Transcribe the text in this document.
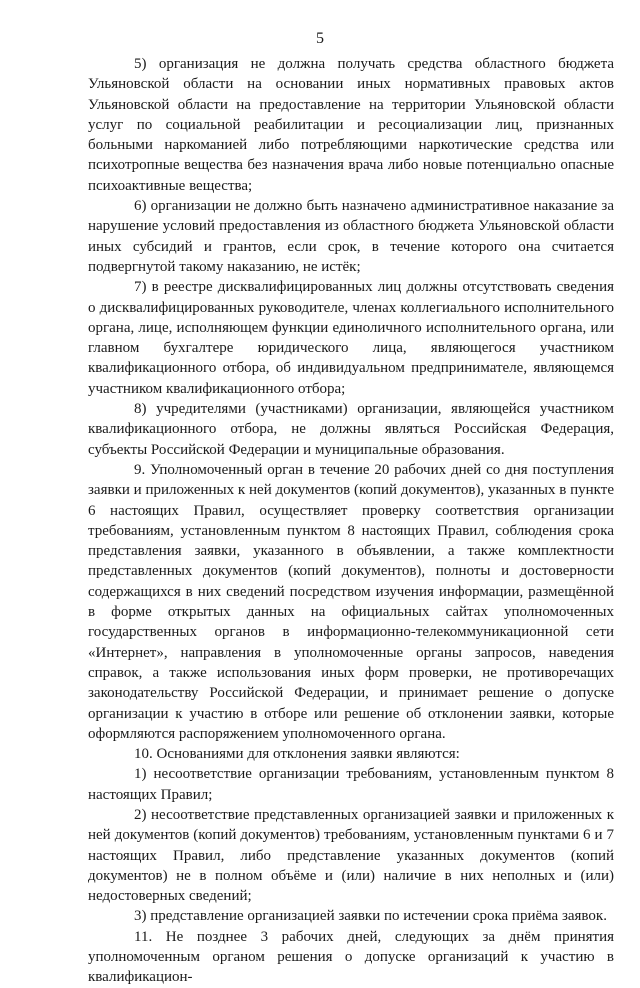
5

5) организация не должна получать средства областного бюджета Ульяновской области на основании иных нормативных правовых актов Ульяновской области на предоставление на территории Ульяновской области услуг по социальной реабилитации и ресоциализации лиц, признанных больными наркоманией либо потребляющими наркотические средства или психотропные вещества без назначения врача либо новые потенциально опасные психоактивные вещества;

6) организации не должно быть назначено административное наказание за нарушение условий предоставления из областного бюджета Ульяновской области иных субсидий и грантов, если срок, в течение которого она считается подвергнутой такому наказанию, не истёк;

7) в реестре дисквалифицированных лиц должны отсутствовать сведения о дисквалифицированных руководителе, членах коллегиального исполнительного органа, лице, исполняющем функции единоличного исполнительного органа, или главном бухгалтере юридического лица, являющегося участником квалификационного отбора, об индивидуальном предпринимателе, являющемся участником квалификационного отбора;

8) учредителями (участниками) организации, являющейся участником квалификационного отбора, не должны являться Российская Федерация, субъекты Российской Федерации и муниципальные образования.

9. Уполномоченный орган в течение 20 рабочих дней со дня поступления заявки и приложенных к ней документов (копий документов), указанных в пункте 6 настоящих Правил, осуществляет проверку соответствия организации требованиям, установленным пунктом 8 настоящих Правил, соблюдения срока представления заявки, указанного в объявлении, а также комплектности представленных документов (копий документов), полноты и достоверности содержащихся в них сведений посредством изучения информации, размещённой в форме открытых данных на официальных сайтах уполномоченных государственных органов в информационно-телекоммуникационной сети «Интернет», направления в уполномоченные органы запросов, наведения справок, а также использования иных форм проверки, не противоречащих законодательству Российской Федерации, и принимает решение о допуске организации к участию в отборе или решение об отклонении заявки, которые оформляются распоряжением уполномоченного органа.

10. Основаниями для отклонения заявки являются:

1) несоответствие организации требованиям, установленным пунктом 8 настоящих Правил;

2) несоответствие представленных организацией заявки и приложенных к ней документов (копий документов) требованиям, установленным пунктами 6 и 7 настоящих Правил, либо представление указанных документов (копий документов) не в полном объёме и (или) наличие в них неполных и (или) недостоверных сведений;

3) представление организацией заявки по истечении срока приёма заявок.

11. Не позднее 3 рабочих дней, следующих за днём принятия уполномоченным органом решения о допуске организаций к участию в квалификацион-
